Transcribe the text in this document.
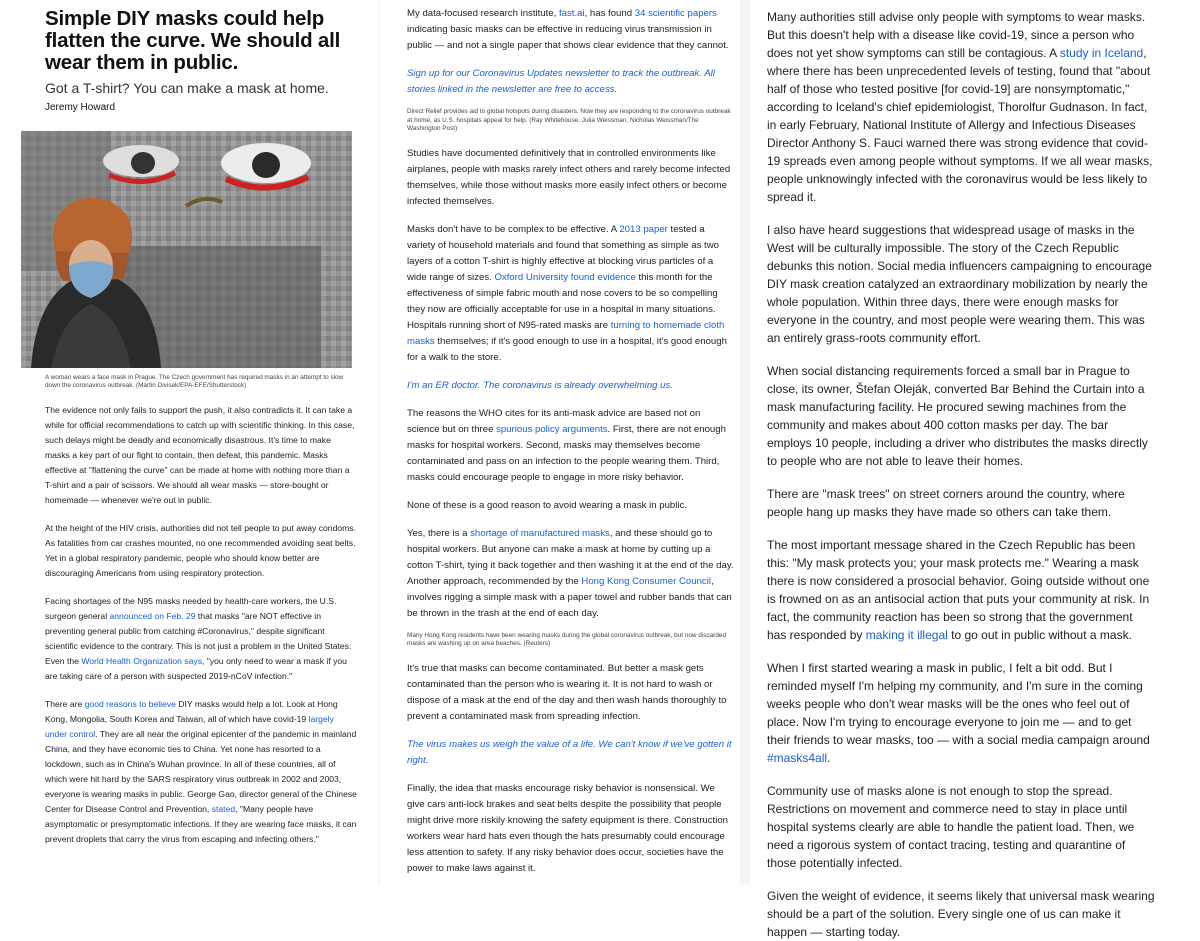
Simple DIY masks could help flatten the curve. We should all wear them in public.
Got a T-shirt? You can make a mask at home.
Jeremy Howard
A woman wears a face mask in Prague. The Czech government has required masks in an attempt to slow down the coronavirus outbreak. (Martin Divisek/EPA-EFE/Shutterstock)

The evidence not only fails to support the push, it also contradicts it. It can take a while for official recommendations to catch up with scientific thinking. In this case, such delays might be deadly and economically disastrous. It's time to make masks a key part of our fight to contain, then defeat, this pandemic. Masks effective at "flattening the curve" can be made at home with nothing more than a T-shirt and a pair of scissors. We should all wear masks — store-bought or homemade — whenever we're out in public.

At the height of the HIV crisis, authorities did not tell people to put away condoms. As fatalities from car crashes mounted, no one recommended avoiding seat belts. Yet in a global respiratory pandemic, people who should know better are discouraging Americans from using respiratory protection.

Facing shortages of the N95 masks needed by health-care workers, the U.S. surgeon general announced on Feb. 29 that masks "are NOT effective in preventing general public from catching #Coronavirus," despite significant scientific evidence to the contrary. This is not just a problem in the United States: Even the World Health Organization says, "you only need to wear a mask if you are taking care of a person with suspected 2019-nCoV infection."

There are good reasons to believe DIY masks would help a lot. Look at Hong Kong, Mongolia, South Korea and Taiwan, all of which have covid-19 largely under control. They are all near the original epicenter of the pandemic in mainland China, and they have economic ties to China. Yet none has resorted to a lockdown, such as in China's Wuhan province. In all of these countries, all of which were hit hard by the SARS respiratory virus outbreak in 2002 and 2003, everyone is wearing masks in public. George Gao, director general of the Chinese Center for Disease Control and Prevention, stated, "Many people have asymptomatic or presymptomatic infections. If they are wearing face masks, it can prevent droplets that carry the virus from escaping and infecting others."

My data-focused research institute, fast.ai, has found 34 scientific papers indicating basic masks can be effective in reducing virus transmission in public — and not a single paper that shows clear evidence that they cannot.

Sign up for our Coronavirus Updates newsletter to track the outbreak. All stories linked in the newsletter are free to access.

Direct Relief provides aid to global hotspots during disasters. Now they are responding to the coronavirus outbreak at home, as U.S. hospitals appeal for help. (Ray Whitehouse, Julia Weissman, Nicholas Weissman/The Washington Post)

Studies have documented definitively that in controlled environments like airplanes, people with masks rarely infect others and rarely become infected themselves, while those without masks more easily infect others or become infected themselves.

Masks don't have to be complex to be effective. A 2013 paper tested a variety of household materials and found that something as simple as two layers of a cotton T-shirt is highly effective at blocking virus particles of a wide range of sizes. Oxford University found evidence this month for the effectiveness of simple fabric mouth and nose covers to be so compelling they now are officially acceptable for use in a hospital in many situations. Hospitals running short of N95-rated masks are turning to homemade cloth masks themselves; if it's good enough to use in a hospital, it's good enough for a walk to the store.

I'm an ER doctor. The coronavirus is already overwhelming us.

The reasons the WHO cites for its anti-mask advice are based not on science but on three spurious policy arguments. First, there are not enough masks for hospital workers. Second, masks may themselves become contaminated and pass on an infection to the people wearing them. Third, masks could encourage people to engage in more risky behavior.

None of these is a good reason to avoid wearing a mask in public.

Yes, there is a shortage of manufactured masks, and these should go to hospital workers. But anyone can make a mask at home by cutting up a cotton T-shirt, tying it back together and then washing it at the end of the day. Another approach, recommended by the Hong Kong Consumer Council, involves rigging a simple mask with a paper towel and rubber bands that can be thrown in the trash at the end of each day.

Many Hong Kong residents have been wearing masks during the global coronavirus outbreak, but now discarded masks are washing up on area beaches. (Reuters)

It's true that masks can become contaminated. But better a mask gets contaminated than the person who is wearing it. It is not hard to wash or dispose of a mask at the end of the day and then wash hands thoroughly to prevent a contaminated mask from spreading infection.

The virus makes us weigh the value of a life. We can't know if we've gotten it right.

Finally, the idea that masks encourage risky behavior is nonsensical. We give cars anti-lock brakes and seat belts despite the possibility that people might drive more riskily knowing the safety equipment is there. Construction workers wear hard hats even though the hats presumably could encourage less attention to safety. If any risky behavior does occur, societies have the power to make laws against it.

Many authorities still advise only people with symptoms to wear masks. But this doesn't help with a disease like covid-19, since a person who does not yet show symptoms can still be contagious. A study in Iceland, where there has been unprecedented levels of testing, found that "about half of those who tested positive [for covid-19] are nonsymptomatic," according to Iceland's chief epidemiologist, Thorolfur Gudnason. In fact, in early February, National Institute of Allergy and Infectious Diseases Director Anthony S. Fauci warned there was strong evidence that covid-19 spreads even among people without symptoms. If we all wear masks, people unknowingly infected with the coronavirus would be less likely to spread it.

I also have heard suggestions that widespread usage of masks in the West will be culturally impossible. The story of the Czech Republic debunks this notion. Social media influencers campaigning to encourage DIY mask creation catalyzed an extraordinary mobilization by nearly the whole population. Within three days, there were enough masks for everyone in the country, and most people were wearing them. This was an entirely grass-roots community effort.

When social distancing requirements forced a small bar in Prague to close, its owner, Štefan Oleják, converted Bar Behind the Curtain into a mask manufacturing facility. He procured sewing machines from the community and makes about 400 cotton masks per day. The bar employs 10 people, including a driver who distributes the masks directly to people who are not able to leave their homes.

There are "mask trees" on street corners around the country, where people hang up masks they have made so others can take them.

The most important message shared in the Czech Republic has been this: "My mask protects you; your mask protects me." Wearing a mask there is now considered a prosocial behavior. Going outside without one is frowned on as an antisocial action that puts your community at risk. In fact, the community reaction has been so strong that the government has responded by making it illegal to go out in public without a mask.

When I first started wearing a mask in public, I felt a bit odd. But I reminded myself I'm helping my community, and I'm sure in the coming weeks people who don't wear masks will be the ones who feel out of place. Now I'm trying to encourage everyone to join me — and to get their friends to wear masks, too — with a social media campaign around #masks4all.

Community use of masks alone is not enough to stop the spread. Restrictions on movement and commerce need to stay in place until hospital systems clearly are able to handle the patient load. Then, we need a rigorous system of contact tracing, testing and quarantine of those potentially infected.

Given the weight of evidence, it seems likely that universal mask wearing should be a part of the solution. Every single one of us can make it happen — starting today.
